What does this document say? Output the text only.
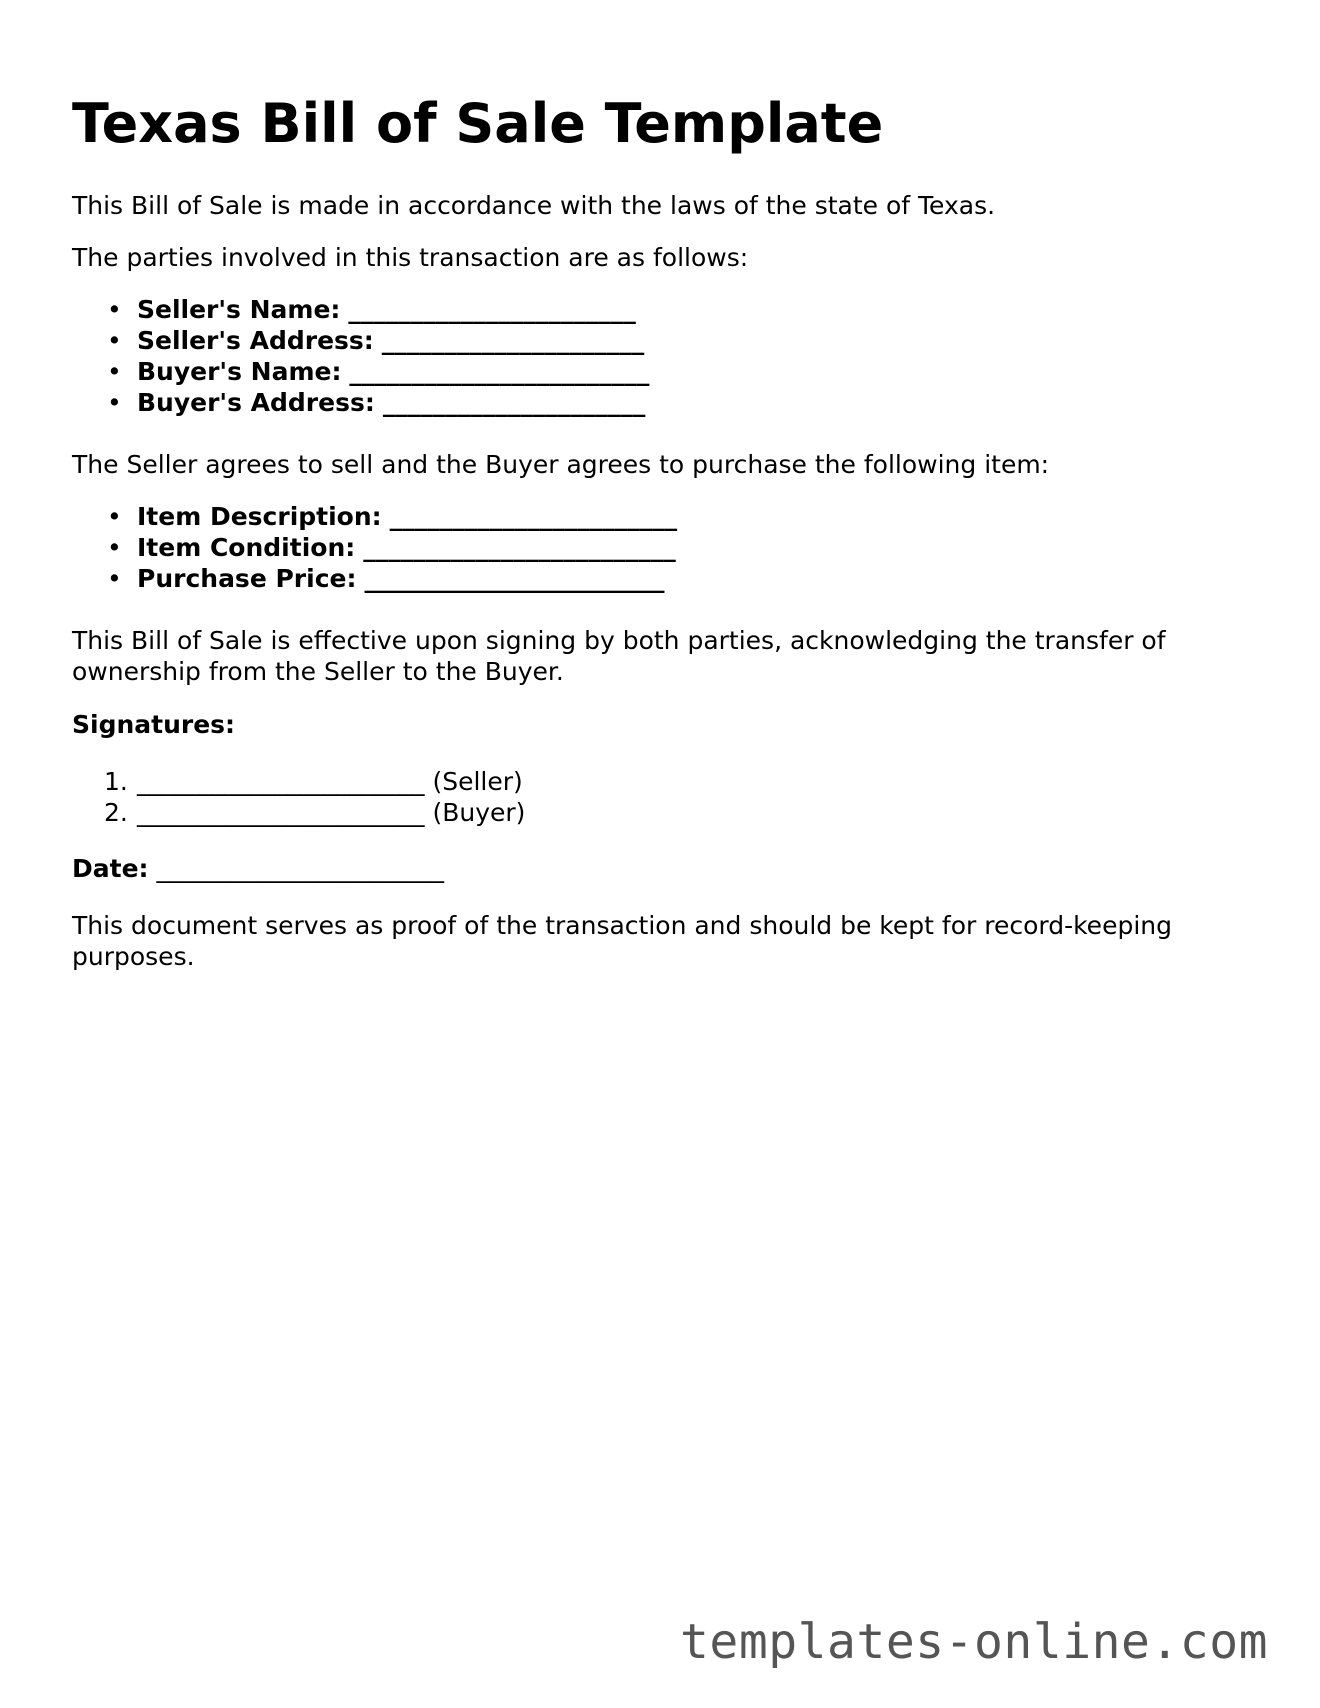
Texas Bill of Sale Template

This Bill of Sale is made in accordance with the laws of the state of Texas.

The parties involved in this transaction are as follows:

• Seller's Name: _______________________
• Seller's Address: _____________________
• Buyer's Name: ________________________
• Buyer's Address: _____________________

The Seller agrees to sell and the Buyer agrees to purchase the following item:

• Item Description: _______________________
• Item Condition: _________________________
• Purchase Price: ________________________

This Bill of Sale is effective upon signing by both parties, acknowledging the transfer of ownership from the Seller to the Buyer.

Signatures:

1. _______________________ (Seller)
2. _______________________ (Buyer)

Date: _______________________

This document serves as proof of the transaction and should be kept for record-keeping purposes.

templates-online.com
